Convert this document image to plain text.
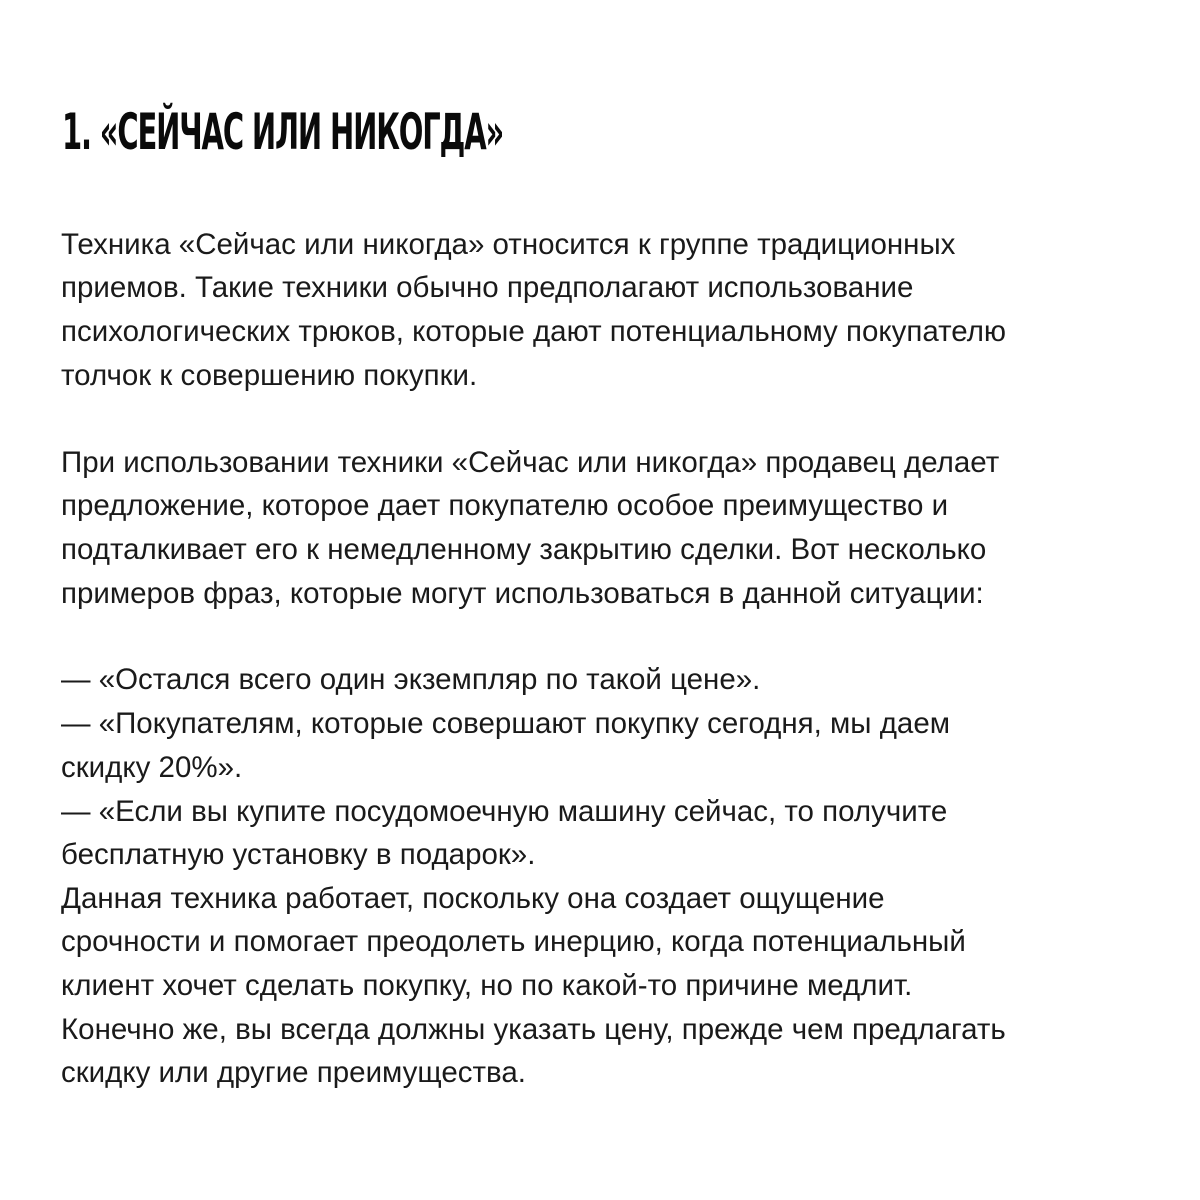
1. «СЕЙЧАС ИЛИ НИКОГДА»

Техника «Сейчас или никогда» относится к группе традиционных

приемов. Такие техники обычно предполагают использование

психологических трюков, которые дают потенциальному покупателю

толчок к совершению покупки.

При использовании техники «Сейчас или никогда» продавец делает

предложение, которое дает покупателю особое преимущество и

подталкивает его к немедленному закрытию сделки. Вот несколько

примеров фраз, которые могут использоваться в данной ситуации:

— «Остался всего один экземпляр по такой цене».

— «Покупателям, которые совершают покупку сегодня, мы даем

скидку 20%».

— «Если вы купите посудомоечную машину сейчас, то получите

бесплатную установку в подарок».

Данная техника работает, поскольку она создает ощущение

срочности и помогает преодолеть инерцию, когда потенциальный

клиент хочет сделать покупку, но по какой-то причине медлит.

Конечно же, вы всегда должны указать цену, прежде чем предлагать

скидку или другие преимущества.
